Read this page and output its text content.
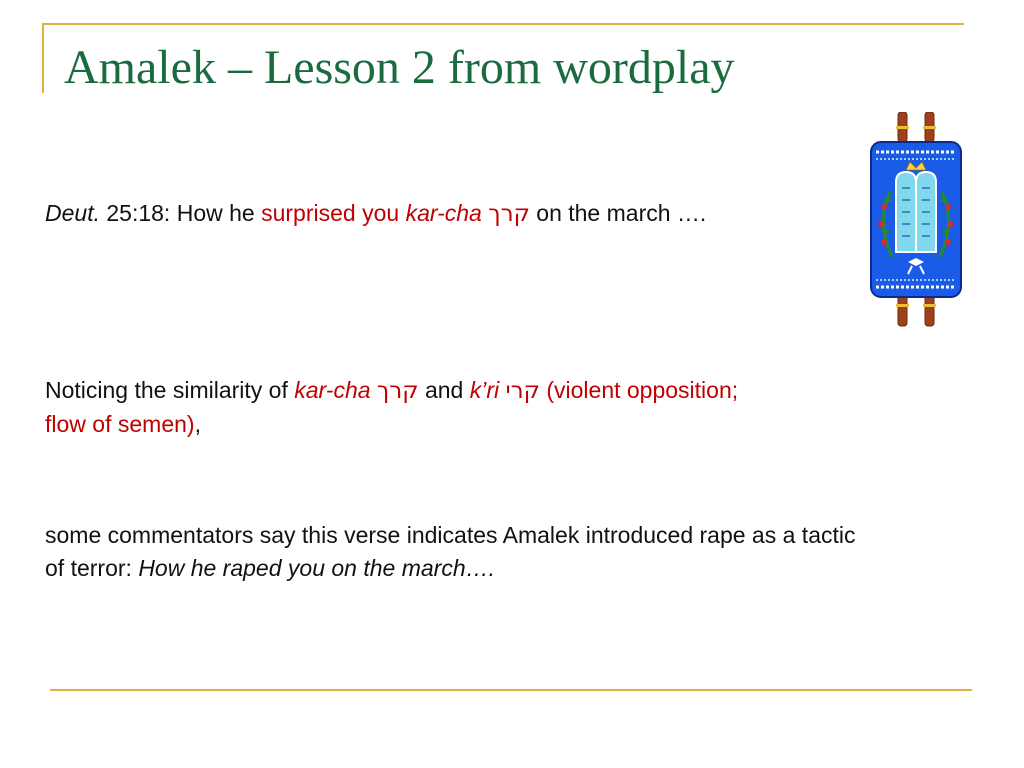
Amalek – Lesson 2 from wordplay

Deut. 25:18: How he surprised you kar-cha קרך on the march ….

Noticing the similarity of kar-cha קרך and k’ri קרי (violent opposition; flow of semen),

some commentators say this verse indicates Amalek introduced rape as a tactic of terror: How he raped you on the march….
